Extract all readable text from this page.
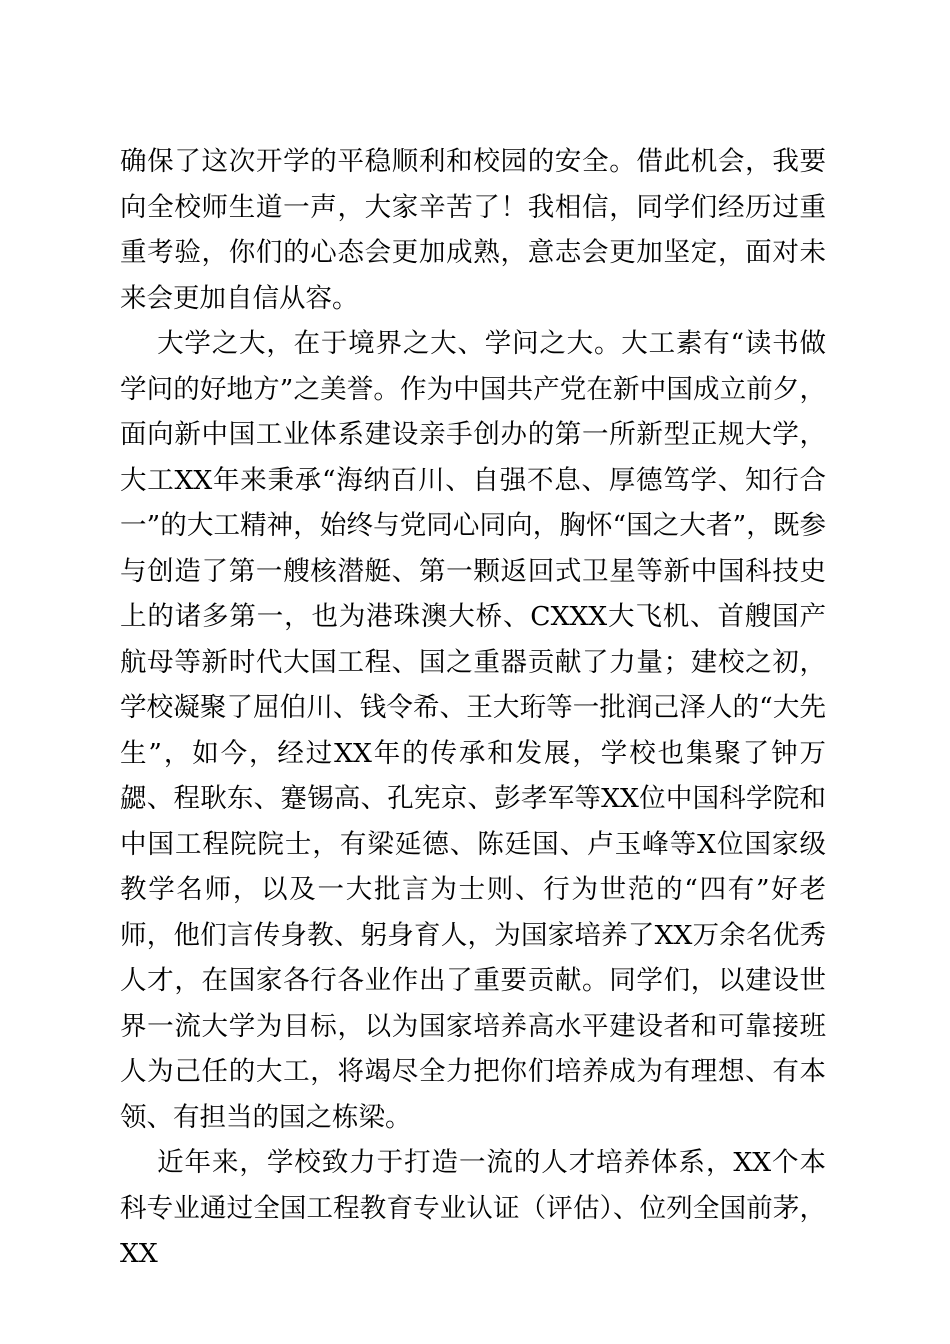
确保了这次开学的平稳顺利和校园的安全。借此机会，我要向全校师生道一声，大家辛苦了！我相信，同学们经历过重重考验，你们的心态会更加成熟，意志会更加坚定，面对未来会更加自信从容。

大学之大，在于境界之大、学问之大。大工素有“读书做学问的好地方”之美誉。作为中国共产党在新中国成立前夕，面向新中国工业体系建设亲手创办的第一所新型正规大学，大工XX年来秉承“海纳百川、自强不息、厚德笃学、知行合一”的大工精神，始终与党同心同向，胸怀“国之大者”，既参与创造了第一艘核潜艇、第一颗返回式卫星等新中国科技史上的诸多第一，也为港珠澳大桥、CXXX大飞机、首艘国产航母等新时代大国工程、国之重器贡献了力量；建校之初，学校凝聚了屈伯川、钱令希、王大珩等一批润己泽人的“大先生”，如今，经过XX年的传承和发展，学校也集聚了钟万勰、程耿东、蹇锡高、孔宪京、彭孝军等XX位中国科学院和中国工程院院士，有梁延德、陈廷国、卢玉峰等X位国家级教学名师，以及一大批言为士则、行为世范的“四有”好老师，他们言传身教、躬身育人，为国家培养了XX万余名优秀人才，在国家各行各业作出了重要贡献。同学们，以建设世界一流大学为目标，以为国家培养高水平建设者和可靠接班人为己任的大工，将竭尽全力把你们培养成为有理想、有本领、有担当的国之栋梁。

近年来，学校致力于打造一流的人才培养体系，XX个本科专业通过全国工程教育专业认证（评估）、位列全国前茅，XX
